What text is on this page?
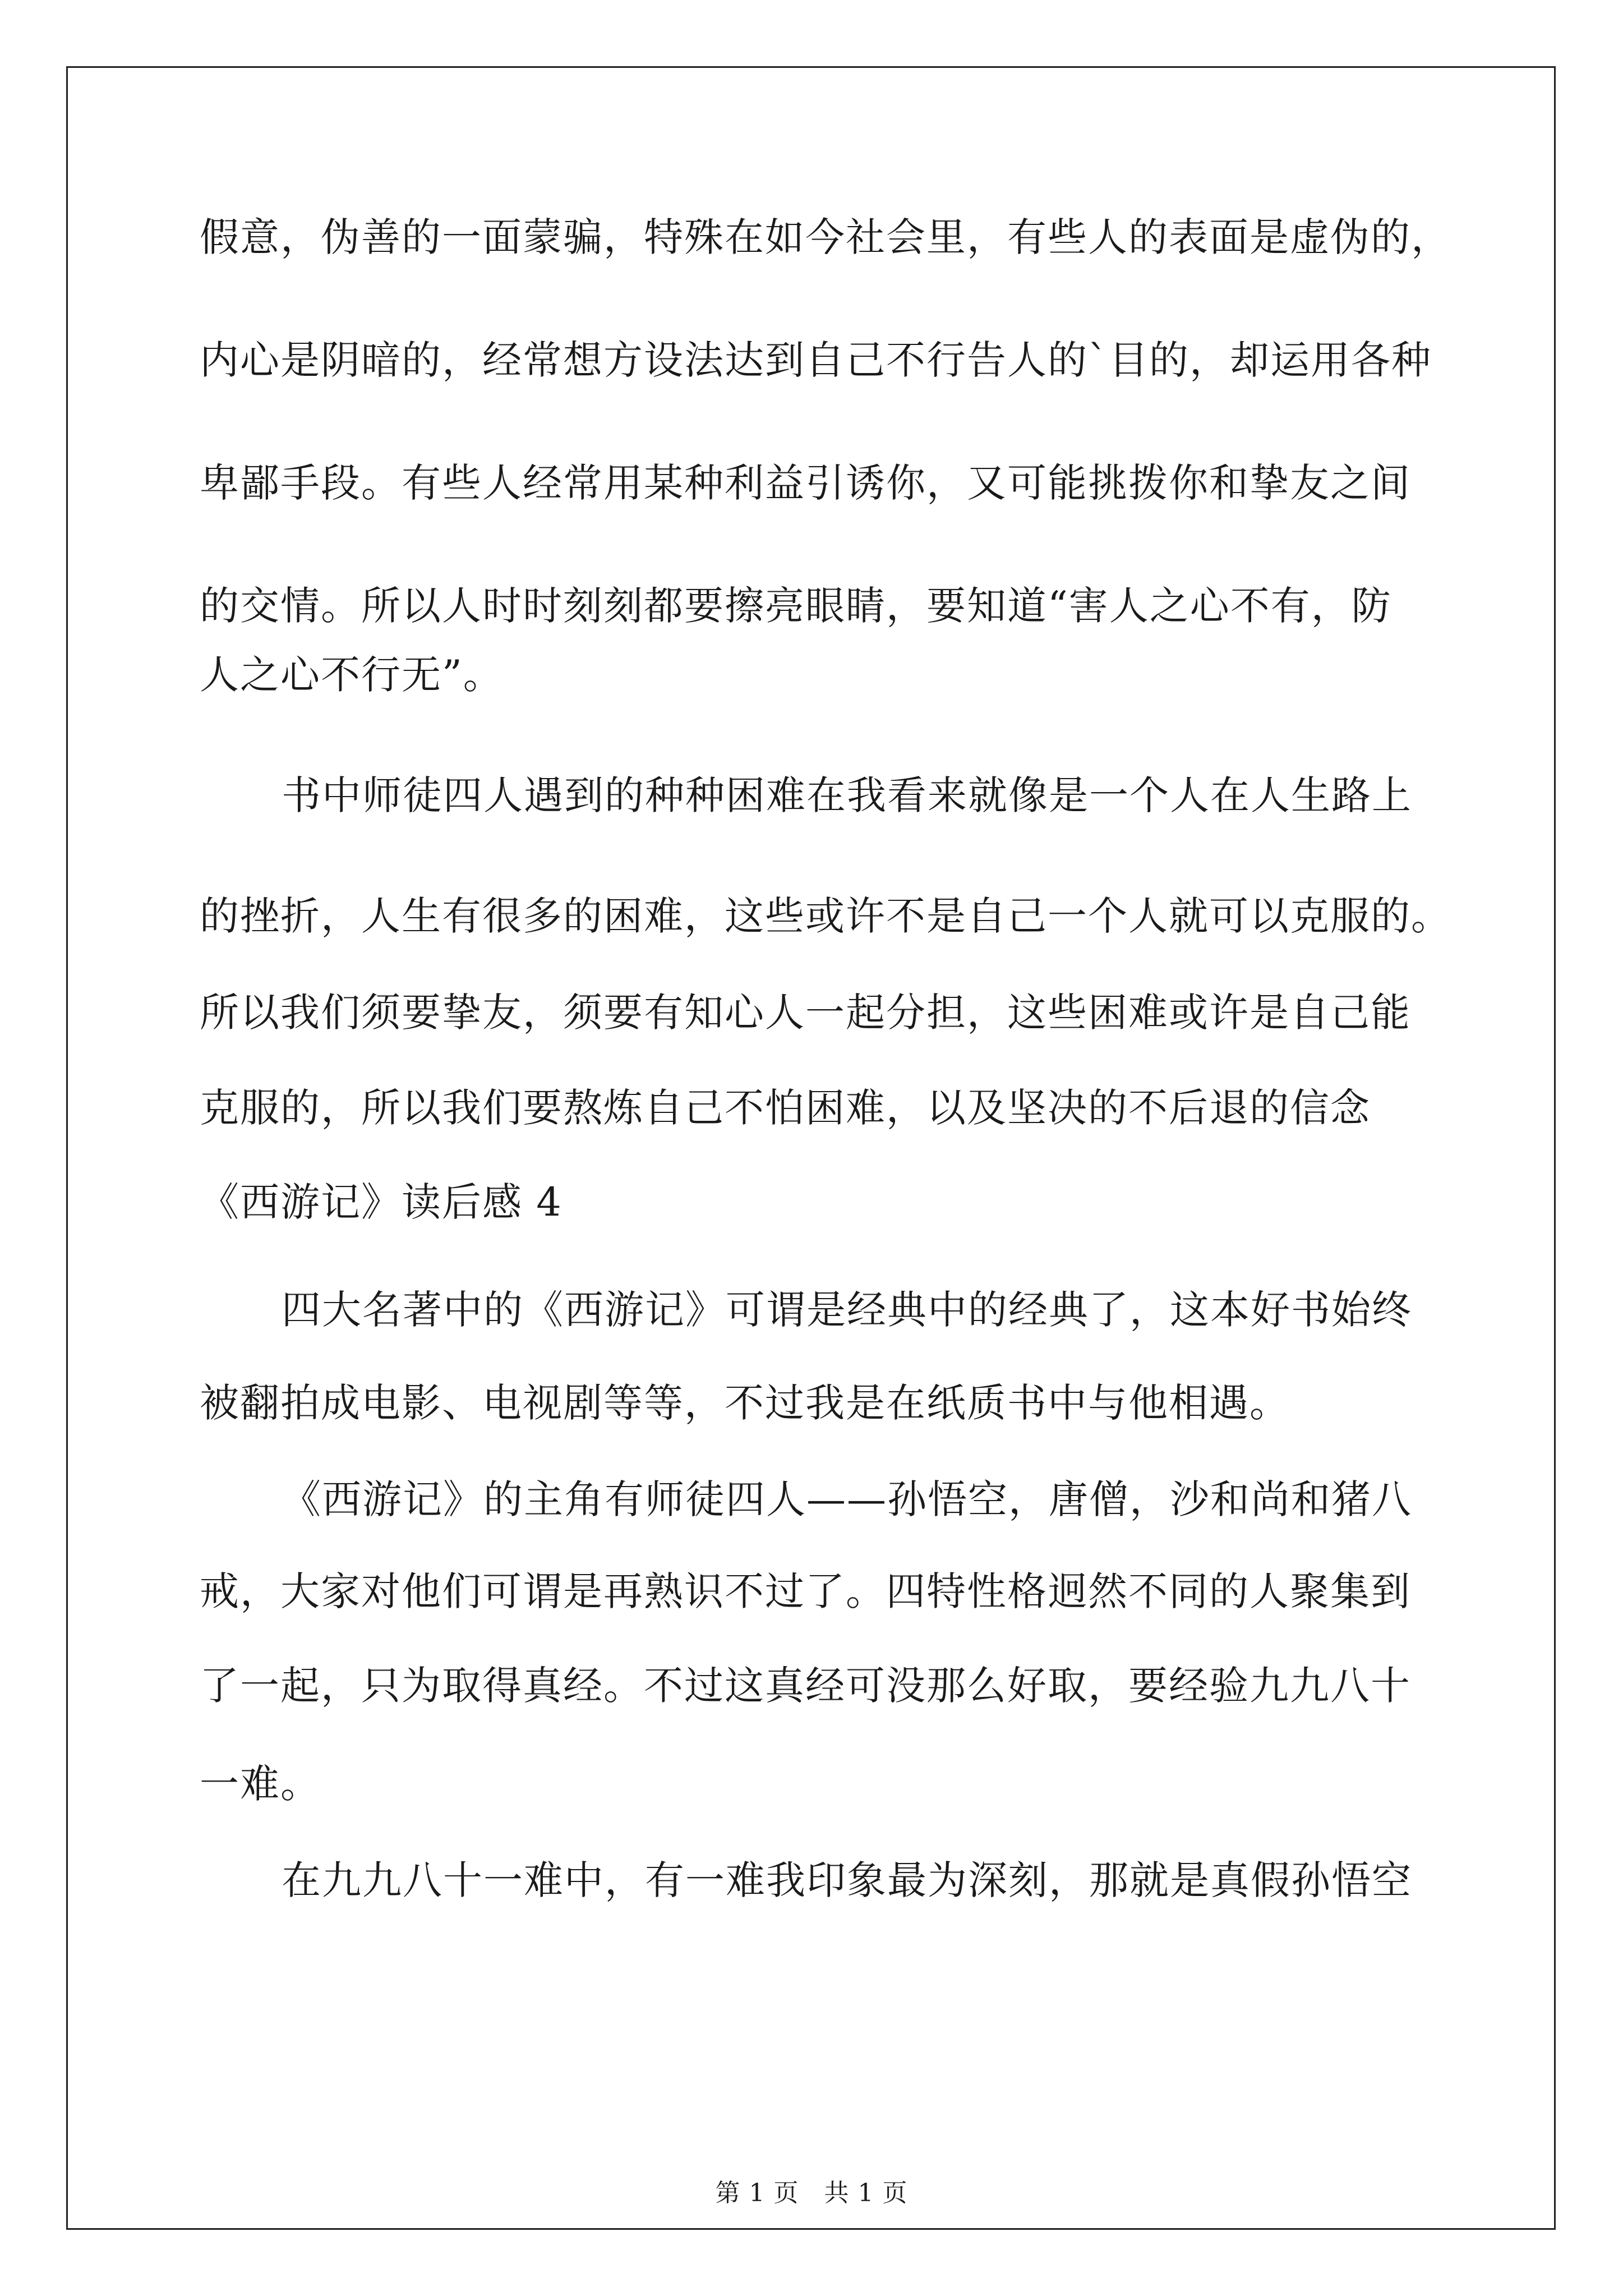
假意，伪善的一面蒙骗，特殊在如今社会里，有些人的表面是虚伪的，
内心是阴暗的，经常想方设法达到自己不行告人的`目的，却运用各种
卑鄙手段。有些人经常用某种利益引诱你，又可能挑拨你和挚友之间
的交情。所以人时时刻刻都要擦亮眼睛，要知道“害人之心不有，防
人之心不行无”。
书中师徒四人遇到的种种困难在我看来就像是一个人在人生路上
的挫折，人生有很多的困难，这些或许不是自己一个人就可以克服的。
所以我们须要挚友，须要有知心人一起分担，这些困难或许是自己能
克服的，所以我们要熬炼自己不怕困难，以及坚决的不后退的信念
《西游记》读后感 4
四大名著中的《西游记》可谓是经典中的经典了，这本好书始终
被翻拍成电影、电视剧等等，不过我是在纸质书中与他相遇。
《西游记》的主角有师徒四人——孙悟空，唐僧，沙和尚和猪八
戒，大家对他们可谓是再熟识不过了。四特性格迥然不同的人聚集到
了一起，只为取得真经。不过这真经可没那么好取，要经验九九八十
一难。
在九九八十一难中，有一难我印象最为深刻，那就是真假孙悟空
第 1 页　共 1 页
